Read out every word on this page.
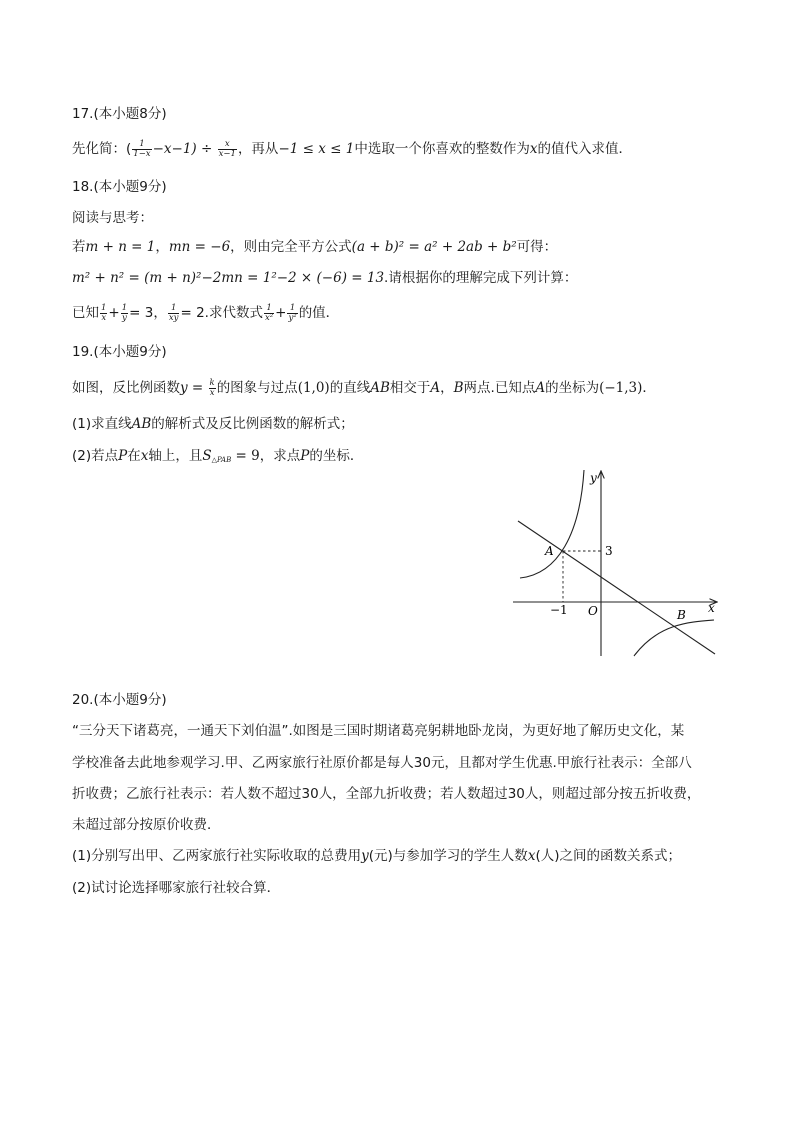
17.(本小题8分)
先化简：( $\frac{1}{1-x} -x-1) \div \frac{x}{x-1}$ ，再从−1 ≤ x ≤ 1中选取一个你喜欢的整数作为x的值代入求值．
18.(本小题9分)
阅读与思考：
若m + n = 1，mn = −6，则由完全平方公式(a + b)² = a² + 2ab + b²可得：
m² + n² = (m + n)²−2mn = 1²−2 × (−6) = 13.请根据你的理解完成下列计算：
已知 $\frac{1}{x} + \frac{1}{y} = 3$， $\frac{1}{xy} = 2$.求代数式 $\frac{1}{\text{x²}} + \frac{1}{\text{y²}}$ 的值．
19.(本小题9分)
如图，反比例函数$y = \frac{k}{x}$ 的图象与过点(1,0)的直线AB相交于A，B两点.已知点A的坐标为(−1,3)．
(1)求直线AB的解析式及反比例函数的解析式；
(2)若点P在x轴上，且$S_{\triangle PAB} = 9$，求点P的坐标．
y
x
O
A
B
3
−1
20.(本小题9分)
“三分天下诸葛亮，一通天下刘伯温”.如图是三国时期诸葛亮躬耕地卧龙岗，为更好地了解历史文化，某
学校准备去此地参观学习.甲、乙两家旅行社原价都是每人30元，且都对学生优惠.甲旅行社表示：全部八
折收费；乙旅行社表示：若人数不超过30人，全部九折收费；若人数超过30人，则超过部分按五折收费，
未超过部分按原价收费．
(1)分别写出甲、乙两家旅行社实际收取的总费用y(元)与参加学习的学生人数x(人)之间的函数关系式；
(2)试讨论选择哪家旅行社较合算．
